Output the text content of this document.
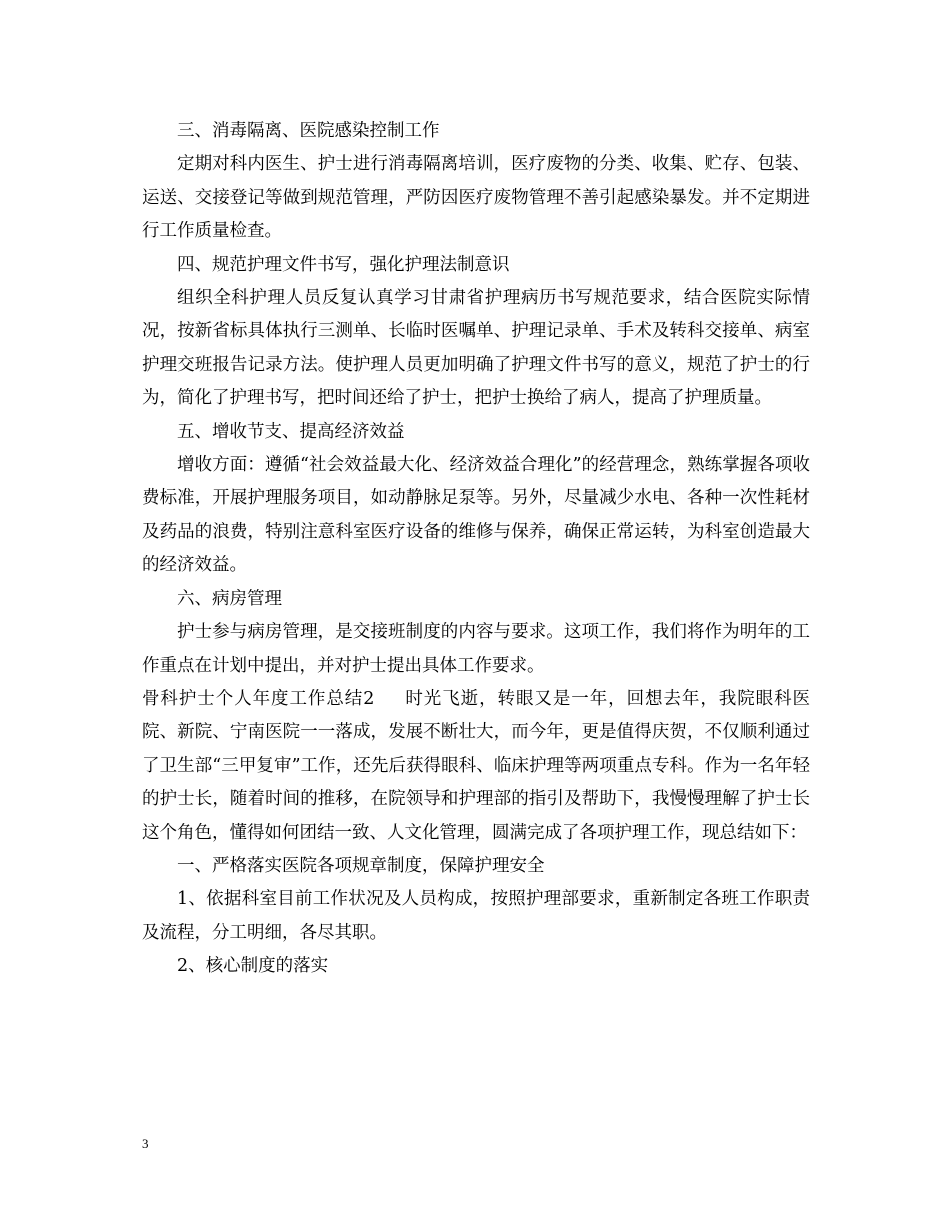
三、消毒隔离、医院感染控制工作

定期对科内医生、护士进行消毒隔离培训，医疗废物的分类、收集、贮存、包装、运送、交接登记等做到规范管理，严防因医疗废物管理不善引起感染暴发。并不定期进行工作质量检查。

四、规范护理文件书写，强化护理法制意识

组织全科护理人员反复认真学习甘肃省护理病历书写规范要求，结合医院实际情况，按新省标具体执行三测单、长临时医嘱单、护理记录单、手术及转科交接单、病室护理交班报告记录方法。使护理人员更加明确了护理文件书写的意义，规范了护士的行为，简化了护理书写，把时间还给了护士，把护士换给了病人，提高了护理质量。

五、增收节支、提高经济效益

增收方面：遵循“社会效益最大化、经济效益合理化”的经营理念，熟练掌握各项收费标准，开展护理服务项目，如动静脉足泵等。另外，尽量减少水电、各种一次性耗材及药品的浪费，特别注意科室医疗设备的维修与保养，确保正常运转，为科室创造最大的经济效益。

六、病房管理

护士参与病房管理，是交接班制度的内容与要求。这项工作，我们将作为明年的工作重点在计划中提出，并对护士提出具体工作要求。

骨科护士个人年度工作总结2 时光飞逝，转眼又是一年，回想去年，我院眼科医院、新院、宁南医院一一落成，发展不断壮大，而今年，更是值得庆贺，不仅顺利通过了卫生部“三甲复审”工作，还先后获得眼科、临床护理等两项重点专科。作为一名年轻的护士长，随着时间的推移，在院领导和护理部的指引及帮助下，我慢慢理解了护士长这个角色，懂得如何团结一致、人文化管理，圆满完成了各项护理工作，现总结如下：

一、严格落实医院各项规章制度，保障护理安全

1、依据科室目前工作状况及人员构成，按照护理部要求，重新制定各班工作职责及流程，分工明细，各尽其职。

2、核心制度的落实

3
